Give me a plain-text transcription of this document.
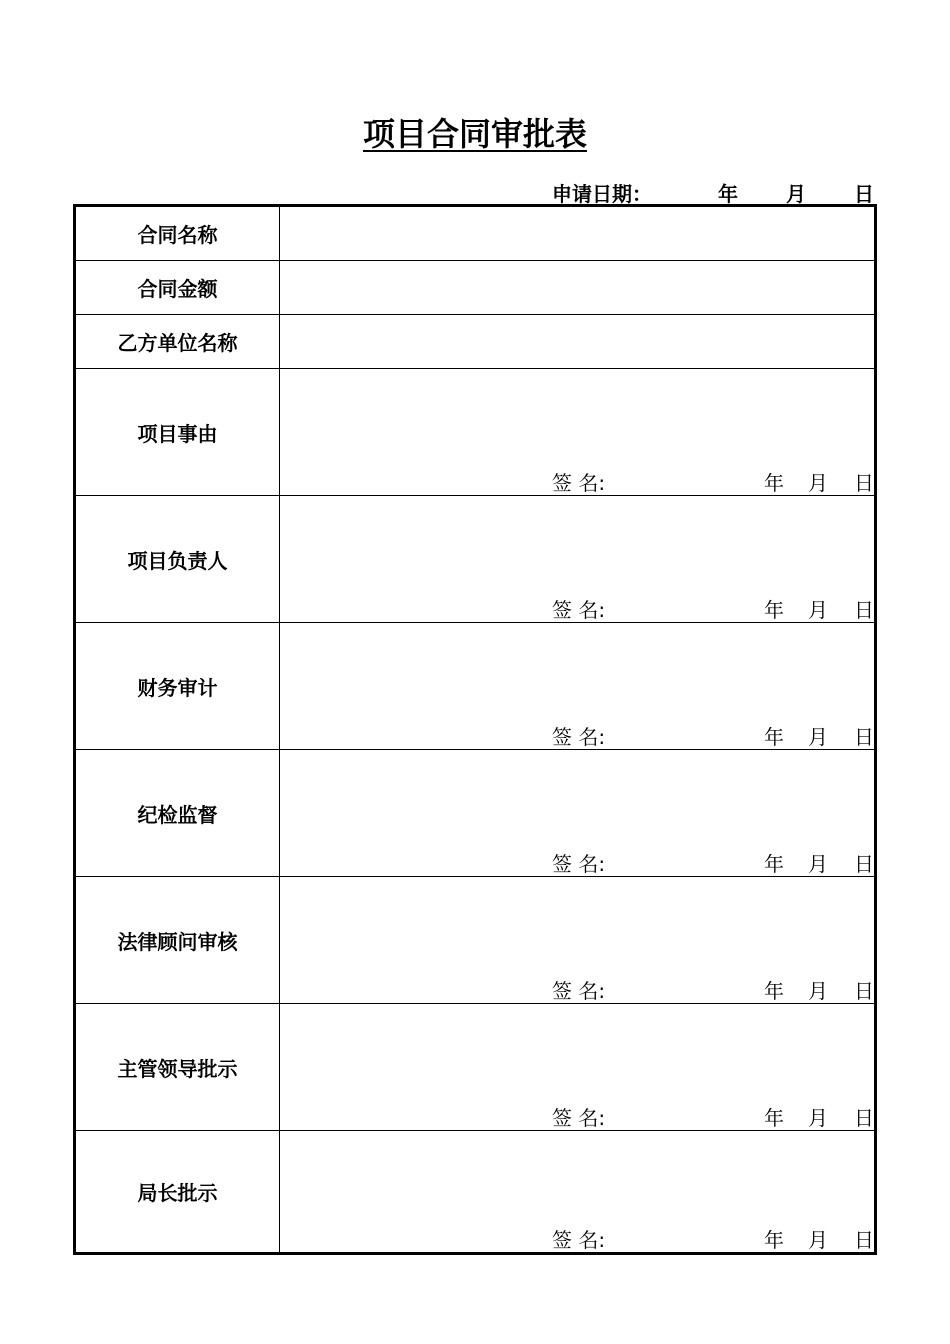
项目合同审批表
申请日期：	年 月 日
合同名称
合同金额
乙方单位名称
项目事由
签 名:	年 月 日
项目负责人
签 名:	年 月 日
财务审计
签 名:	年 月 日
纪检监督
签 名:	年 月 日
法律顾问审核
签 名:	年 月 日
主管领导批示
签 名:	年 月 日
局长批示
签 名:	年 月 日
